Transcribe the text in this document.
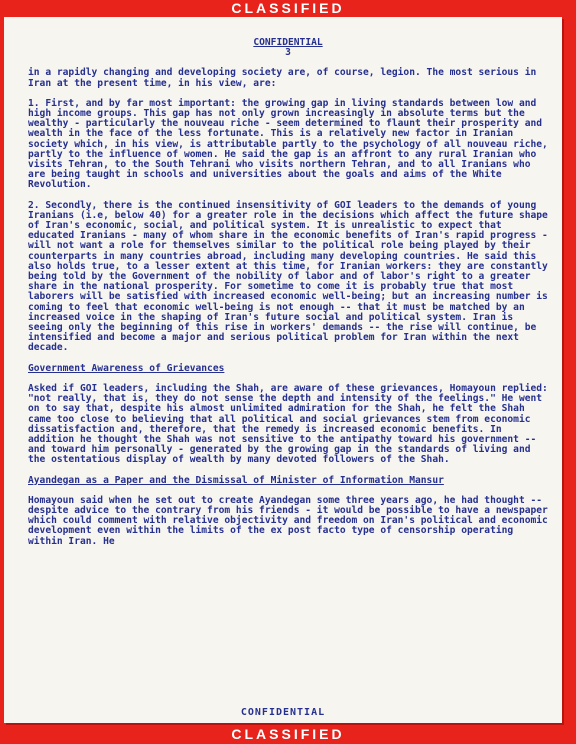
CLASSIFIED
CONFIDENTIAL
3

in a rapidly changing and developing society are, of course, legion. The most serious in Iran at the present time, in his view, are:

1. First, and by far most important: the growing gap in living standards between low and high income groups. This gap has not only grown increasingly in absolute terms but the wealthy - particularly the nouveau riche - seem determined to flaunt their prosperity and wealth in the face of the less fortunate. This is a relatively new factor in Iranian society which, in his view, is attributable partly to the psychology of all nouveau riche, partly to the influence of women. He said the gap is an affront to any rural Iranian who visits Tehran, to the South Tehrani who visits northern Tehran, and to all Iranians who are being taught in schools and universities about the goals and aims of the White Revolution.

2. Secondly, there is the continued insensitivity of GOI leaders to the demands of young Iranians (i.e, below 40) for a greater role in the decisions which affect the future shape of Iran's economic, social, and political system. It is unrealistic to expect that educated Iranians - many of whom share in the economic benefits of Iran's rapid progress - will not want a role for themselves similar to the political role being played by their counterparts in many countries abroad, including many developing countries. He said this also holds true, to a lesser extent at this time, for Iranian workers: they are constantly being told by the Government of the nobility of labor and of labor's right to a greater share in the national prosperity. For sometime to come it is probably true that most laborers will be satisfied with increased economic well-being; but an increasing number is coming to feel that economic well-being is not enough -- that it must be matched by an increased voice in the shaping of Iran's future social and political system. Iran is seeing only the beginning of this rise in workers' demands -- the rise will continue, be intensified and become a major and serious political problem for Iran within the next decade.

Government Awareness of Grievances

Asked if GOI leaders, including the Shah, are aware of these grievances, Homayoun replied: "not really, that is, they do not sense the depth and intensity of the feelings." He went on to say that, despite his almost unlimited admiration for the Shah, he felt the Shah came too close to believing that all political and social grievances stem from economic dissatisfaction and, therefore, that the remedy is increased economic benefits. In addition he thought the Shah was not sensitive to the antipathy toward his government -- and toward him personally - generated by the growing gap in the standards of living and the ostentatious display of wealth by many devoted followers of the Shah.

Ayandegan as a Paper and the Dismissal of Minister of Information Mansur

Homayoun said when he set out to create Ayandegan some three years ago, he had thought -- despite advice to the contrary from his friends - it would be possible to have a newspaper which could comment with relative objectivity and freedom on Iran's political and economic development even within the limits of the ex post facto type of censorship operating within Iran. He

CONFIDENTIAL
CLASSIFIED
